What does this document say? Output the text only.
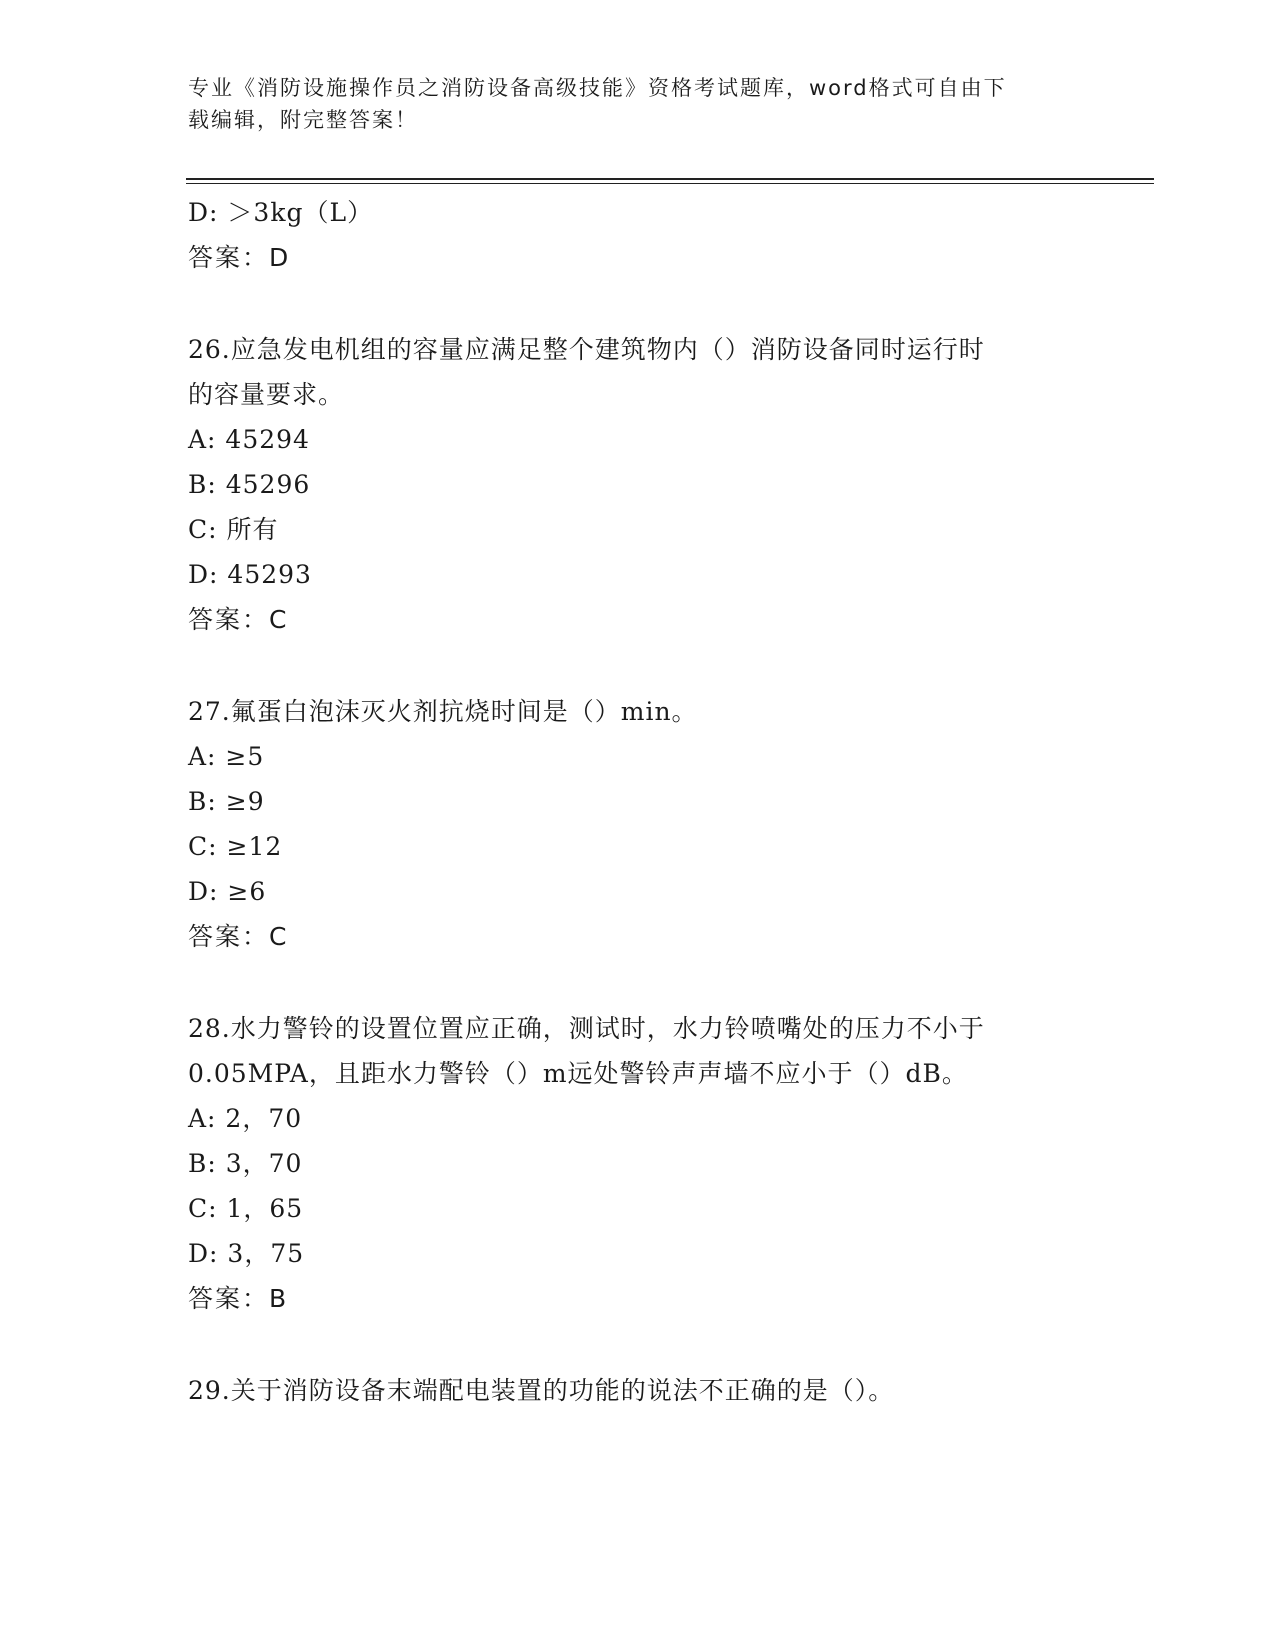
专业《消防设施操作员之消防设备高级技能》资格考试题库，word格式可自由下
载编辑，附完整答案！
D: ＞3kg（L）
答案：D
26.应急发电机组的容量应满足整个建筑物内（）消防设备同时运行时
的容量要求。
A: 45294
B: 45296
C: 所有
D: 45293
答案：C
27.氟蛋白泡沫灭火剂抗烧时间是（）min。
A: ≥5
B: ≥9
C: ≥12
D: ≥6
答案：C
28.水力警铃的设置位置应正确，测试时，水力铃喷嘴处的压力不小于
0.05MPA，且距水力警铃（）m远处警铃声声墙不应小于（）dB。
A: 2，70
B: 3，70
C: 1，65
D: 3，75
答案：B
29.关于消防设备末端配电装置的功能的说法不正确的是（）。
